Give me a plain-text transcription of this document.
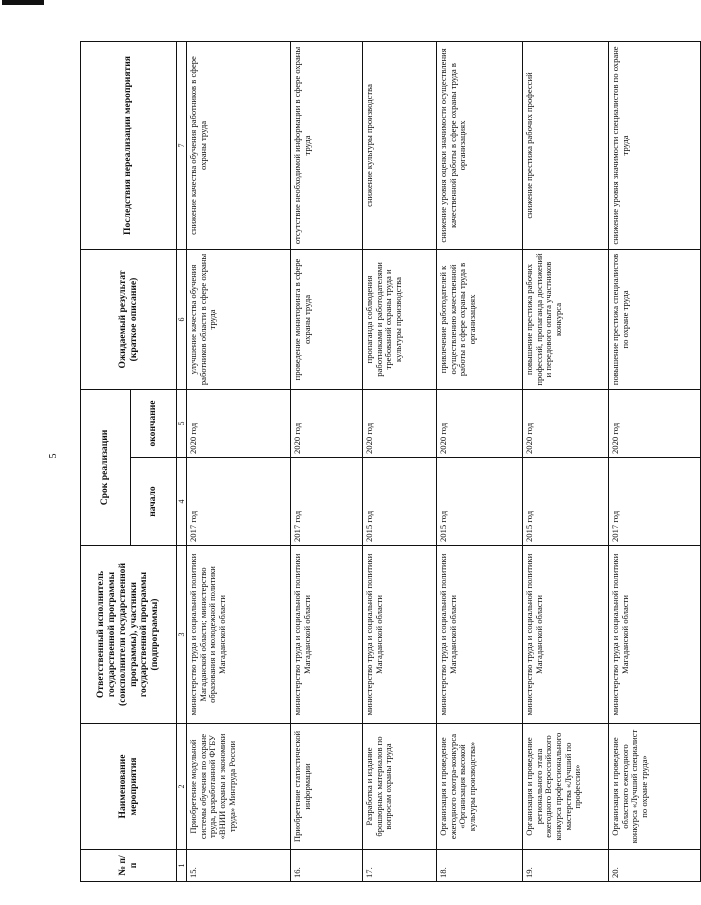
5
№ п/п	Наименование мероприятия	Ответственный исполнитель государственной программы (соисполнители государственной программы), участники государственной программы (подпрограммы)	Срок реализации		Ожидаемый результат (краткое описание)	Последствия нереализации мероприятия
			начало	окончание		
1	2	3	4	5	6	7
15.	Приобретение модульной системы обучения по охране труда, разработанной ФГБУ «ВНИИ охраны и экономики труда» Минтруда России	министерство труда и социальной политики Магаданской области; министерство образования и молодежной политики Магаданской области	2017 год	2020 год	улучшение качества обучения работников области в сфере охраны труда	снижение качества обучения работников в сфере охраны труда
16.	Приобретение статистической информации	министерство труда и социальной политики Магаданской области	2017 год	2020 год	проведение мониторинга в сфере охраны труда	отсутствие необходимой информации в сфере охраны труда
17.	Разработка и издание брошюрных материалов по вопросам охраны труда	министерство труда и социальной политики Магаданской области	2015 год	2020 год	пропаганда соблюдения работниками и работодателями требований охраны труда и культуры производства	снижение культуры производства
18.	Организация и проведение ежегодного смотра-конкурса «Организация высокой культуры производства»	министерство труда и социальной политики Магаданской области	2015 год	2020 год	привлечение работодателей к осуществлению качественной работы в сфере охраны труда в организациях	снижение уровня оценки значимости осуществления качественной работы в сфере охраны труда в организациях
19.	Организация и проведение регионального этапа ежегодного Всероссийского конкурса профессионального мастерства «Лучший по профессии»	министерство труда и социальной политики Магаданской области	2015 год	2020 год	повышение престижа рабочих профессий, пропаганда достижений и передового опыта участников конкурса	снижение престижа рабочих профессий
20.	Организация и проведение областного ежегодного конкурса «Лучший специалист по охране труда»	министерство труда и социальной политики Магаданской области	2017 год	2020 год	повышение престижа специалистов по охране труда	снижение уровня значимости специалистов по охране труда
